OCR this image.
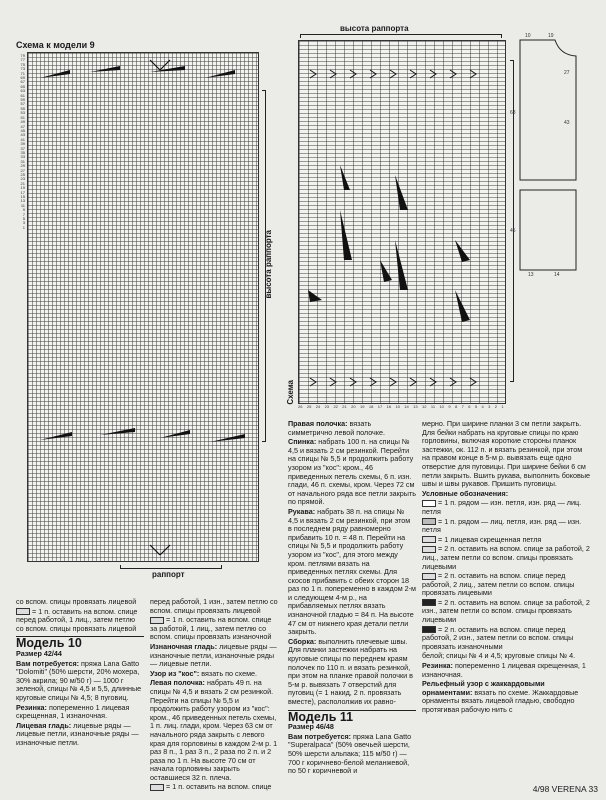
Схема к модели 9
79
77
75
73
71
69
67
65
63
61
59
57
55
53
51
49
47
45
43
41
39
37
35
33
31
29
27
25
23
21
19
17
15
13
11
9
7
5
3
1
высота раппорта
раппорт
высота раппорта
26 25 24 23 22 21 20 19 18 17 16 15 14 13 12 11 10 9 8 7 6 5 4 3 2 1
Схема
10	19
27
43
63
45
13	14

со вспом. спицы провязать лицевой

= 1 п. оставить на вспом. спице перед работой, 1 лиц., затем петлю со вспом. спицы провязать лицевой

Модель 10

Размер 42/44

Вам потребуется: пряжа Lana Gatto "Dolomiti" (50% шерсти, 20% мохера, 30% акрила; 90 м/50 г) — 1000 г зеленой, спицы № 4,5 и 5,5, длинные круговые спицы № 4,5; 8 пуговиц.

Резинка: попеременно 1 лицевая скрещенная, 1 изнаночная.

Лицевая гладь: лицевые ряды — лицевые петли, изнаночные ряды — изнаночные петли.

перед работой, 1 изн., затем петлю со вспом. спицы провязать лицевой

= 1 п. оставить на вспом. спице за работой, 1 лиц., затем петлю со вспом. спицы провязать изнаночной

Изнаночная гладь: лицевые ряды — изнаночные петли, изнаночные ряды — лицевые петли.

Узор из "кос": вязать по схеме.

Левая полочка: набрать 49 п. на спицы № 4,5 и вязать 2 см резинкой. Перейти на спицы № 5,5 и продолжить работу узором из "кос": кром., 46 приведенных петель схемы, 1 п. лиц. глади, кром. Через 63 см от начального ряда закрыть с левого края для горловины в каждом 2-м р. 1 раз 8 п., 1 раз 3 п., 2 раза по 2 п. и 2 раза по 1 п. На высоте 70 см от начала горловины закрыть оставшиеся 32 п. плеча.

= 1 п. оставить на вспом. спице

Правая полочка: вязать симметрично левой полочке.

Спинка: набрать 100 п. на спицы № 4,5 и вязать 2 см резинкой. Перейти на спицы № 5,5 и продолжить работу узором из "кос": кром., 46 приведенных петель схемы, 6 п. изн. глади, 46 п. схемы, кром. Через 72 см от начального ряда все петли закрыть по прямой.

Рукава: набрать 38 п. на спицы № 4,5 и вязать 2 см резинкой, при этом в последнем ряду равномерно прибавить 10 п. = 48 п. Перейти на спицы № 5,5 и продолжить работу узором из "кос", для этого между кром. петлями вязать на приведенных петлях схемы. Для скосов прибавить с обеих сторон 18 раз по 1 п. попеременно в каждом 2-м и следующем 4-м р., на прибавляемых петлях вязать изнаночной гладью = 84 п. На высоте 47 см от нижнего края детали петли закрыть.

Сборка: выполнить плечевые швы. Для планки застежки набрать на круговые спицы по переднем краям полочек по 110 п. и вязать резинкой, при этом на планке правой полочки в 5-м р. вывязать 7 отверстий для пуговиц (= 1 накид, 2 п. провязать вместе), распололжив их равно-

Модель 11

Размер 46/48

Вам потребуется: пряжа Lana Gatto "Superalpaca" (50% овечьей шерсти, 50% шерсти альпака; 115 м/50 г) — 700 г коричнево-белой меланжевой, по 50 г коричневой и

мерно. При ширине планки 3 см петли закрыть. Для бейки набрать на круговые спицы по краю горловины, включая короткие стороны планок застежки, ок. 112 п. и вязать резинкой, при этом на правом конце в 5-м р. вывязать еще одно отверстие для пуговицы. При ширине бейки 6 см петли закрыть. Вшить рукава, выполнить боковые швы и швы рукавов. Пришить пуговицы.

Условные обозначения:

= 1 п. рядом — изн. петля, изн. ряд — лиц. петля

= 1 п. рядом — лиц. петля, изн. ряд — изн. петля

= 1 лицевая скрещенная петля

= 2 п. оставить на вспом. спице за работой, 2 лиц., затем петли со вспом. спицы провязать лицевыми

= 2 п. оставить на вспом. спице перед работой, 2 лиц., затем петли со вспом. спицы провязать лицевыми

= 2 п. оставить на вспом. спице за работой, 2 изн., затем петли со вспом. спицы провязать лицевыми

= 2 п. оставить на вспом. спице перед работой, 2 изн., затем петли со вспом. спицы провязать изнаночными

белой; спицы № 4 и 4,5; круговые спицы № 4.

Резинка: попеременно 1 лицевая скрещенная, 1 изнаночная.

Рельефный узор с жаккардовыми орнаментами: вязать по схеме. Жаккардовые орнаменты вязать лицевой гладью, свободно протягивая рабочую нить с

4/98 VERENA 33
